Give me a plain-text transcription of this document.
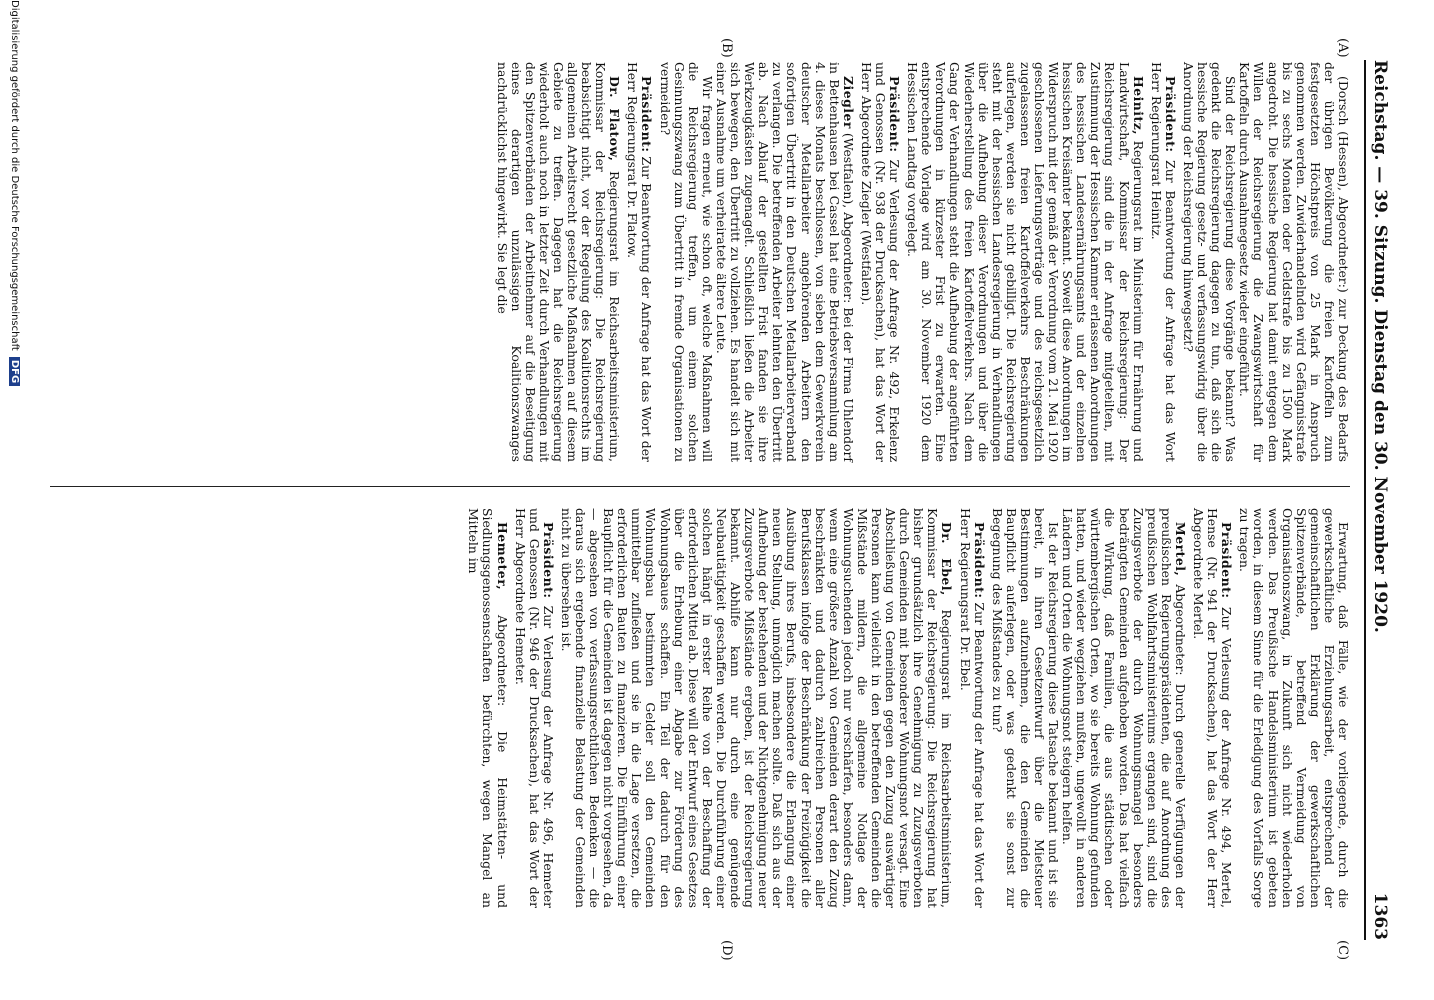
Reichstag. — 39. Sitzung. Dienstag den 30. November 1920.
1363
(A)
(B)
(C)
(D)

(Dorsch (Hessen), Abgeordneter:) zur Deckung des Bedarfs der übrigen Bevölkerung die freien Kartoffeln zum festgesetzten Höchstpreis von 25 Mark in Anspruch genommen werden. Zuwiderhandelnden wird Gefängnisstrafe bis zu sechs Monaten oder Geldstrafe bis zu 1500 Mark angedroht. Die hessische Regierung hat damit entgegen dem Willen der Reichsregierung die Zwangswirtschaft für Kartoffeln durch Ausnahmegesetz wieder eingeführt.

Sind der Reichsregierung diese Vorgänge bekannt? Was gedenkt die Reichsregierung dagegen zu tun, daß sich die hessische Regierung gesetz- und verfassungswidrig über die Anordnung der Reichsregierung hinwegsetzt?

Präsident: Zur Beantwortung der Anfrage hat das Wort Herr Regierungsrat Heinitz.

Heinitz, Regierungsrat im Ministerium für Ernährung und Landwirtschaft, Kommissar der Reichsregierung: Der Reichsregierung sind die in der Anfrage mitgeteilten, mit Zustimmung der Hessischen Kammer erlassenen Anordnungen des hessischen Landesernährungsamts und der einzelnen hessischen Kreisämter bekannt. Soweit diese Anordnungen im Widerspruch mit der gemäß der Verordnung vom 21. Mai 1920 geschlossenen Lieferungsverträge und des reichsgesetzlich zugelassenen freien Kartoffelverkehrs Beschränkungen auferlegen, werden sie nicht gebilligt. Die Reichsregierung steht mit der hessischen Landesregierung in Verhandlungen über die Aufhebung dieser Verordnungen und über die Wiederherstellung des freien Kartoffelverkehrs. Nach dem Gang der Verhandlungen steht die Aufhebung der angeführten Verordnungen in kürzester Frist zu erwarten. Eine entsprechende Vorlage wird am 30. November 1920 dem Hessischen Landtag vorgelegt.

Präsident: Zur Verlesung der Anfrage Nr. 492, Erkelenz und Genossen (Nr. 938 der Drucksachen), hat das Wort der Herr Abgeordnete Ziegler (Westfalen).

Ziegler (Westfalen), Abgeordneter: Bei der Firma Uhlendorf in Bettenhausen bei Cassel hat eine Betriebsversammlung am 4. dieses Monats beschlossen, von sieben dem Gewerkverein deutscher Metallarbeiter angehörenden Arbeitern den sofortigen Übertritt in den Deutschen Metallarbeiterverband zu verlangen. Die betreffenden Arbeiter lehnten den Übertritt ab. Nach Ablauf der gestellten Frist fanden sie ihre Werkzeugkästen zugenagelt. Schließlich ließen die Arbeiter sich bewegen, den Übertritt zu vollziehen. Es handelt sich mit einer Ausnahme um verheiratete ältere Leute.

Wir fragen erneut, wie schon oft, welche Maßnahmen will die Reichsregierung treffen, um einem solchen Gesinnungszwang zum Übertritt in fremde Organisationen zu vermeiden?

Präsident: Zur Beantwortung der Anfrage hat das Wort der Herr Regierungsrat Dr. Flatow.

Dr. Flatow, Regierungsrat im Reichsarbeitsministerium, Kommissar der Reichsregierung: Die Reichsregierung beabsichtigt nicht, vor der Regelung des Koalitionsrechts im allgemeinen Arbeitsrecht gesetzliche Maßnahmen auf diesem Gebiete zu treffen. Dagegen hat die Reichsregierung wiederholt auch noch in letzter Zeit durch Verhandlungen mit den Spitzenverbänden der Arbeitnehmer auf die Beseitigung eines derartigen unzulässigen Koalitionszwanges nachdrücklichst hingewirkt. Sie legt die

Erwartung, daß Fälle, wie der vorliegende, durch die gewerkschaftliche Erziehungsarbeit, entsprechend der gemeinschaftlichen Erklärung der gewerkschaftlichen Spitzenverbände, betreffend Vermeidung von Organisationszwang, in Zukunft sich nicht wiederholen werden. Das Preußische Handelsministerium ist gebeten worden, in diesem Sinne für die Erledigung des Vorfalls Sorge zu tragen.

Präsident: Zur Verlesung der Anfrage Nr. 494, Mertel, Hense (Nr. 941 der Drucksachen), hat das Wort der Herr Abgeordnete Mertel.

Mertel, Abgeordneter: Durch generelle Verfügungen der preußischen Regierungspräsidenten, die auf Anordnung des preußischen Wohlfahrtsministeriums ergangen sind, sind die Zuzugsverbote der durch Wohnungsmangel besonders bedrängten Gemeinden aufgehoben worden. Das hat vielfach die Wirkung, daß Familien, die aus städtischen oder württembergischen Orten, wo sie bereits Wohnung gefunden hatten, und wieder wegziehen mußten, ungewollt in anderen Ländern und Orten die Wohnungsnot steigern helfen.

Ist der Reichsregierung diese Tatsache bekannt und ist sie bereit, in ihren Gesetzentwurf über die Mietsteuer Bestimmungen aufzunehmen, die den Gemeinden die Baupflicht auferlegen, oder was gedenkt sie sonst zur Begegnung des Mißstandes zu tun?

Präsident: Zur Beantwortung der Anfrage hat das Wort der Herr Regierungsrat Dr. Ebel.

Dr. Ebel, Regierungsrat im Reichsarbeitsministerium, Kommissar der Reichsregierung: Die Reichsregierung hat bisher grundsätzlich ihre Genehmigung zu Zuzugsverboten durch Gemeinden mit besonderer Wohnungsnot versagt. Eine Abschließung von Gemeinden gegen den Zuzug auswärtiger Personen kann vielleicht in den betreffenden Gemeinden die Mißstände mildern, die allgemeine Notlage der Wohnungsuchenden jedoch nur verschärfen, besonders dann, wenn eine größere Anzahl von Gemeinden derart den Zuzug beschränkten und dadurch zahlreichen Personen aller Berufsklassen infolge der Beschränkung der Freizügigkeit die Ausübung ihres Berufs, insbesondere die Erlangung einer neuen Stellung, unmöglich machen sollte. Daß sich aus der Aufhebung der bestehenden und der Nichtgenehmigung neuer Zuzugsverbote Mißstände ergeben, ist der Reichsregierung bekannt. Abhilfe kann nur durch eine genügende Neubautätigkeit geschaffen werden. Die Durchführung einer solchen hängt in erster Reihe von der Beschaffung der erforderlichen Mittel ab. Diese will der Entwurf eines Gesetzes über die Erhebung einer Abgabe zur Förderung des Wohnungsbaues schaffen. Ein Teil der dadurch für den Wohnungsbau bestimmten Gelder soll den Gemeinden unmittelbar zufließen und sie in die Lage versetzen, die erforderlichen Bauten zu finanzieren. Die Einführung einer Baupflicht für die Gemeinden ist dagegen nicht vorgesehen, da — abgesehen von verfassungsrechtlichen Bedenken — die daraus sich ergebende finanzielle Belastung der Gemeinden nicht zu übersehen ist.

Präsident: Zur Verlesung der Anfrage Nr. 496, Hemeter und Genossen (Nr. 946 der Drucksachen), hat das Wort der Herr Abgeordnete Hemeter.

Hemeter, Abgeordneter: Die Heimstätten- und Siedlungsgenossenschaften befürchten, wegen Mangel an Mitteln im

Digitalisierung gefördert durch die Deutsche Forschungsgemeinschaft
DFG
